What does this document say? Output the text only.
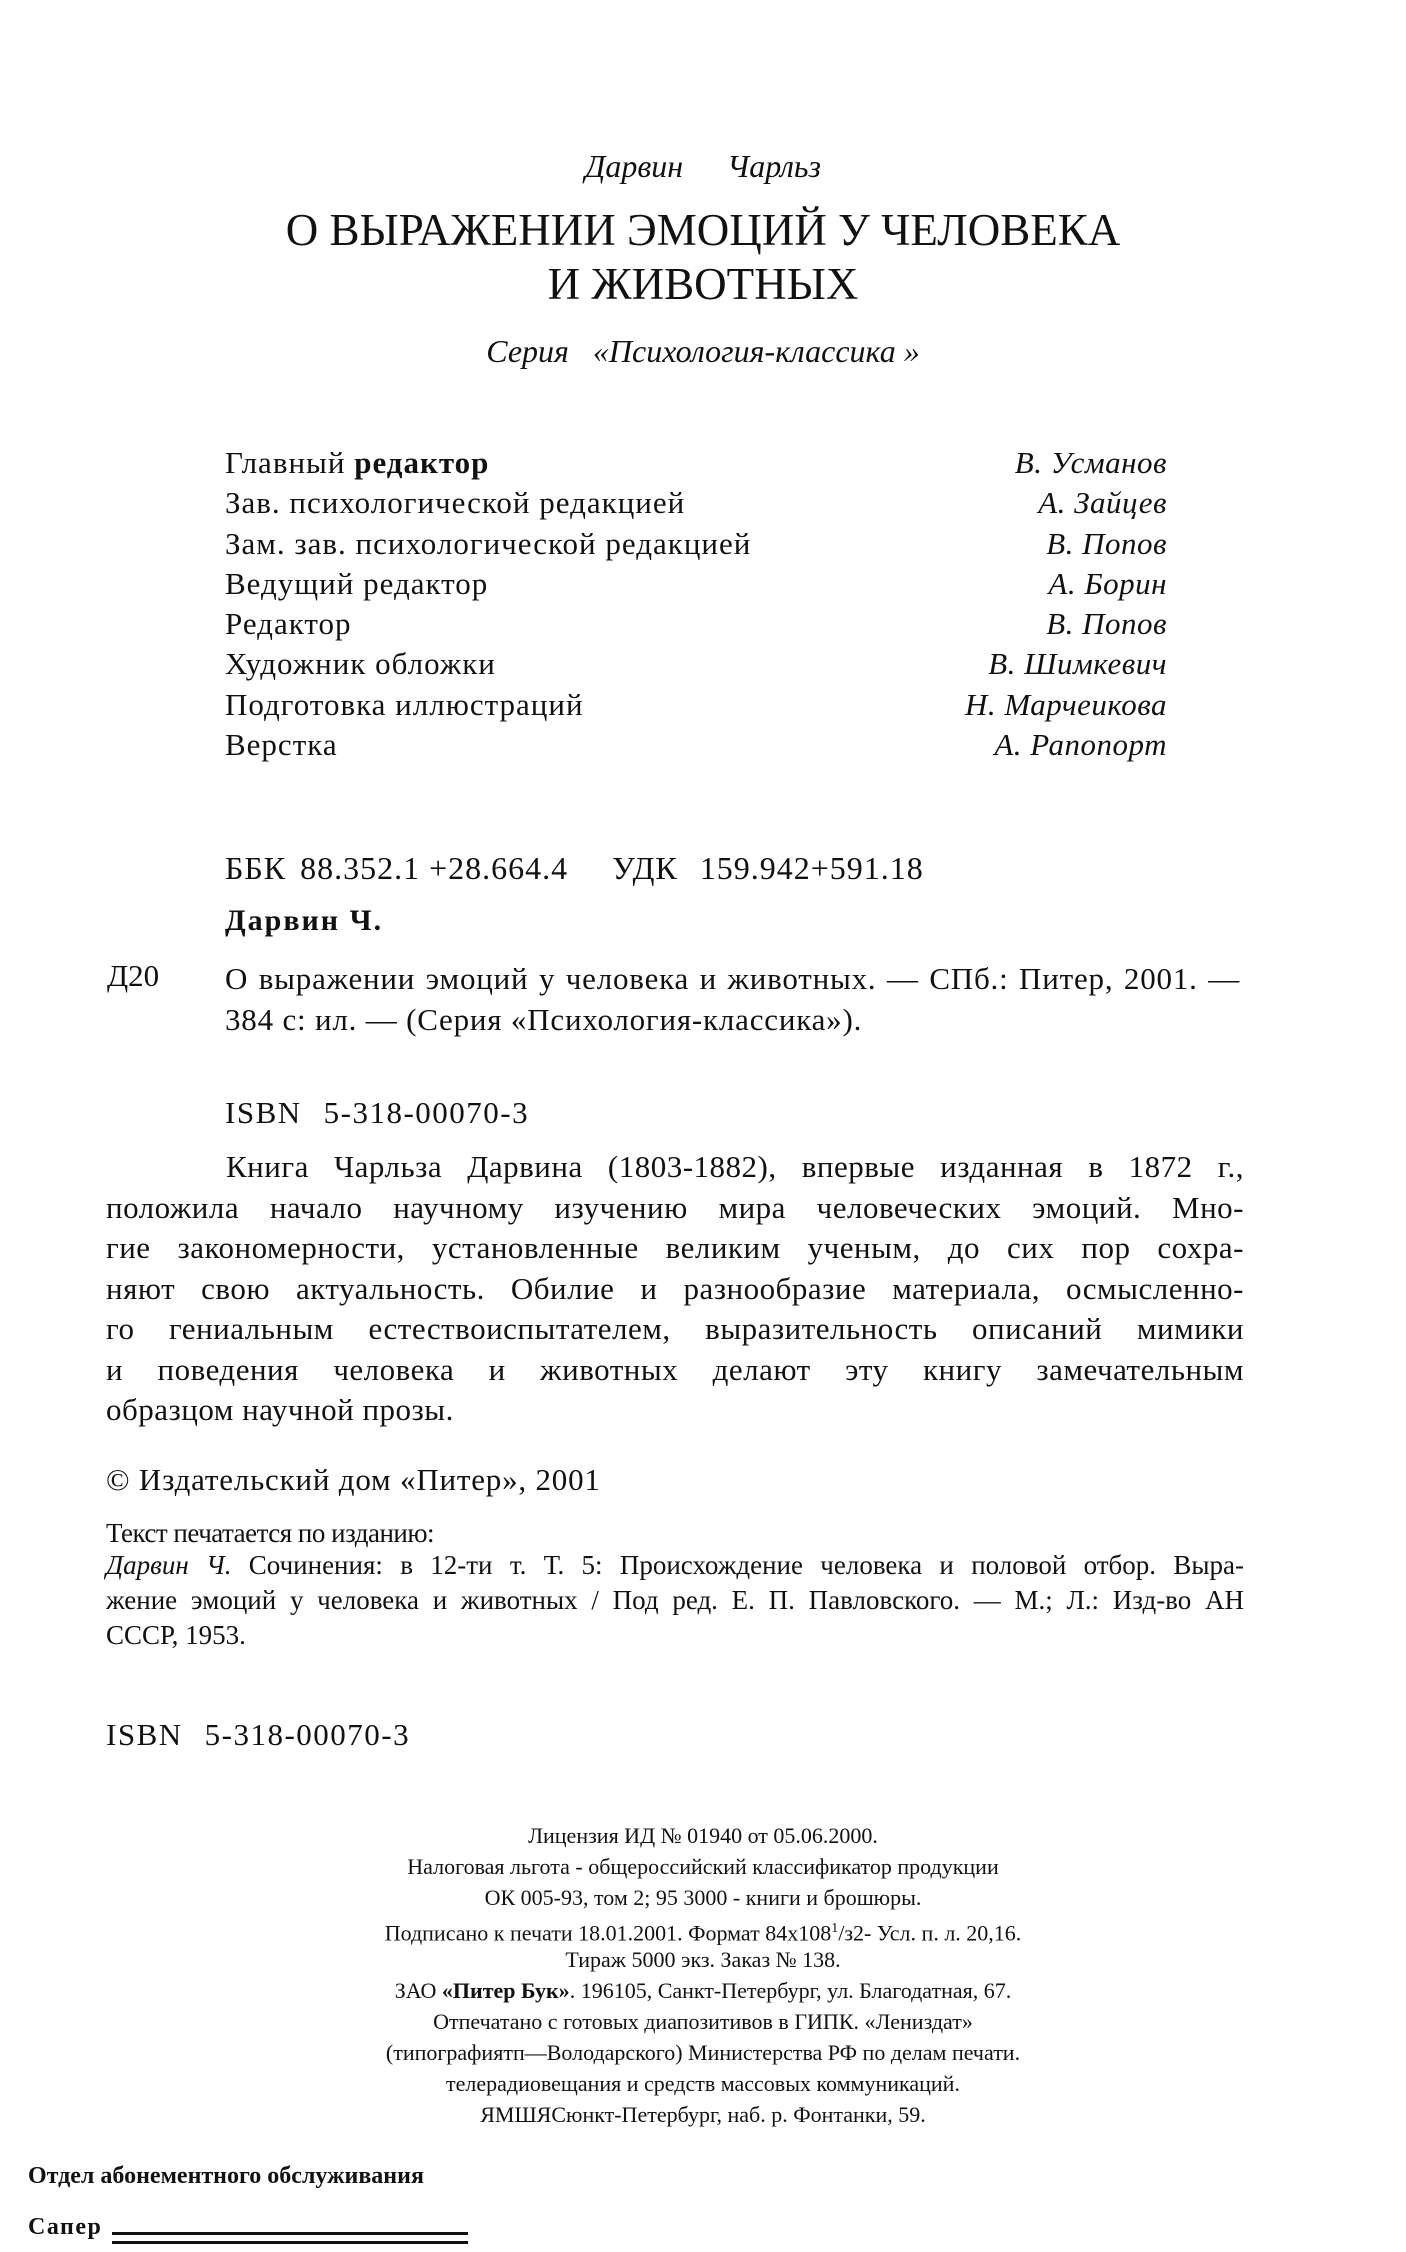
Дарвин Чарльз
О ВЫРАЖЕНИИ ЭМОЦИЙ У ЧЕЛОВЕКА
И ЖИВОТНЫХ
Серия «Психология-классика »
Главный редактор	В. Усманов
Зав. психологической редакцией	А. Зайцев
Зам. зав. психологической редакцией	В. Попов
Ведущий редактор	А. Борин
Редактор	В. Попов
Художник обложки	В. Шимкевич
Подготовка иллюстраций	Н. Марчеикова
Верстка	А. Рапопорт
ББК 88.352.1 +28.664.4 УДК 159.942+591.18
Дарвин Ч.
Д20 О выражении эмоций у человека и животных. — СПб.: Питер, 2001. — 384 с: ил. — (Серия «Психология-классика»).
ISBN 5-318-00070-3
Книга Чарльза Дарвина (1803-1882), впервые изданная в 1872 г.,
положила начало научному изучению мира человеческих эмоций. Мно-
гие закономерности, установленные великим ученым, до сих пор сохра-
няют свою актуальность. Обилие и разнообразие материала, осмысленно-
го гениальным естествоиспытателем, выразительность описаний мимики
и поведения человека и животных делают эту книгу замечательным
образцом научной прозы.
© Издательский дом «Питер», 2001
Текст печатается по изданию:
Дарвин Ч. Сочинения: в 12-ти т. Т. 5: Происхождение человека и половой отбор. Выра-
жение эмоций у человека и животных / Под ред. Е. П. Павловского. — М.; Л.: Изд-во АН
СССР, 1953.
ISBN 5-318-00070-3
Лицензия ИД № 01940 от 05.06.2000.
Налоговая льгота - общероссийский классификатор продукции
ОК 005-93, том 2; 95 3000 - книги и брошюры.
Подписано к печати 18.01.2001. Формат $84х108^1/з2-$ Усл. п. л. 20,16.
Тираж 5000 экз. Заказ № 138.
ЗАО «Питер Бук». 196105, Санкт-Петербург, ул. Благодатная, 67.
Отпечатано с готовых диапозитивов в ГИПК. «Лениздат»
(типографиятп—Володарского) Министерства РФ по делам печати.
телерадиовещания и средств массовых коммуникаций.
ЯМШЯСюнкт-Петербург, наб. р. Фонтанки, 59.
Отдел абонементного обслуживания
Сапер
